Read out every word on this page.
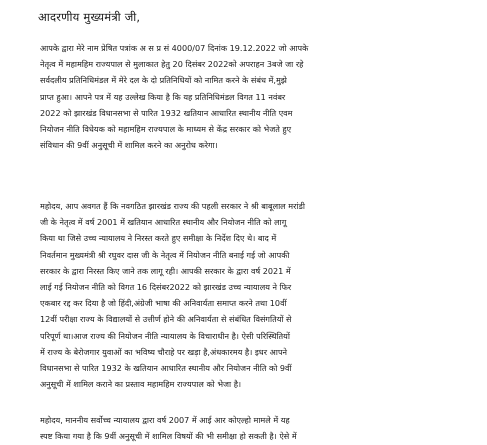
आदरणीय मुख्यमंत्री जी,
आपके द्वारा मेरे नाम प्रेषित पत्रांक अ स प्र सं 4000/07 दिनांक 19.12.2022 जो आपके
नेतृत्व में महामहिम राज्यपाल से मुलाकात हेतु 20 दिसंबर 2022को अपराहन 3बजे जा रहे
सर्वदलीय प्रतिनिधिमंडल में मेरे दल के दो प्रतिनिधियों को नामित करने के संबंध में,मुझे
प्राप्त हुआ। आपने पत्र में यह उल्लेख किया है कि यह प्रतिनिधिमंडल विगत 11 नवंबर
2022 को झारखंड विधानसभा से पारित 1932 खतियान आधारित स्थानीय नीति एवम
नियोजन नीति विधेयक को महामहिम राज्यपाल के माध्यम से केंद्र सरकार को भेजते हुए
संविधान की 9वीं अनुसूची में शामिल करने का अनुरोध करेगा।
महोदय, आप अवगत हैं कि नवगठित झारखंड राज्य की पहली सरकार ने श्री बाबूलाल मरांडी
जी के नेतृत्व में वर्ष 2001 में खतियान आधारित स्थानीय और नियोजन नीति को लागू
किया था जिसे उच्च न्यायालय ने निरस्त करते हुए समीक्षा के निर्देश दिए थे। बाद में
निवर्तमान मुख्यमंत्री श्री रघुवर दास जी के नेतृत्व में नियोजन नीति बनाई गई जो आपकी
सरकार के द्वारा निरस्त किए जाने तक लागू रही। आपकी सरकार के द्वारा वर्ष 2021 में
लाई गई नियोजन नीति को विगत 16 दिसंबर2022 को झारखंड उच्च न्यायालय ने फिर
एकबार रद्द कर दिया है जो हिंदी,अंग्रेजी भाषा की अनिवार्यता समाप्त करने तथा 10वीं
12वीं परीक्षा राज्य के विद्यालयों से उत्तीर्ण होने की अनिवार्यता से संबंधित विसंगतियों से
परिपूर्ण था।आज राज्य की नियोजन नीति न्यायालय के विचाराधीन है। ऐसी परिस्थितियों
में राज्य के बेरोजगार युवाओं का भविष्य चौराहे पर खड़ा है,अंधकारमय है। इधर आपने
विधानसभा से पारित 1932 के खतियान आधारित स्थानीय और नियोजन नीति को 9वीं
अनुसूची में शामिल कराने का प्रस्ताव महामहिम राज्यपाल को भेजा है।
महोदय, माननीय सर्वोच्च न्यायालय द्वारा वर्ष 2007 में आई आर कोएल्हो मामले में यह
स्पष्ट किया गया है कि 9वीं अनुसूची में शामिल विषयों की भी समीक्षा हो सकती है। ऐसे में
